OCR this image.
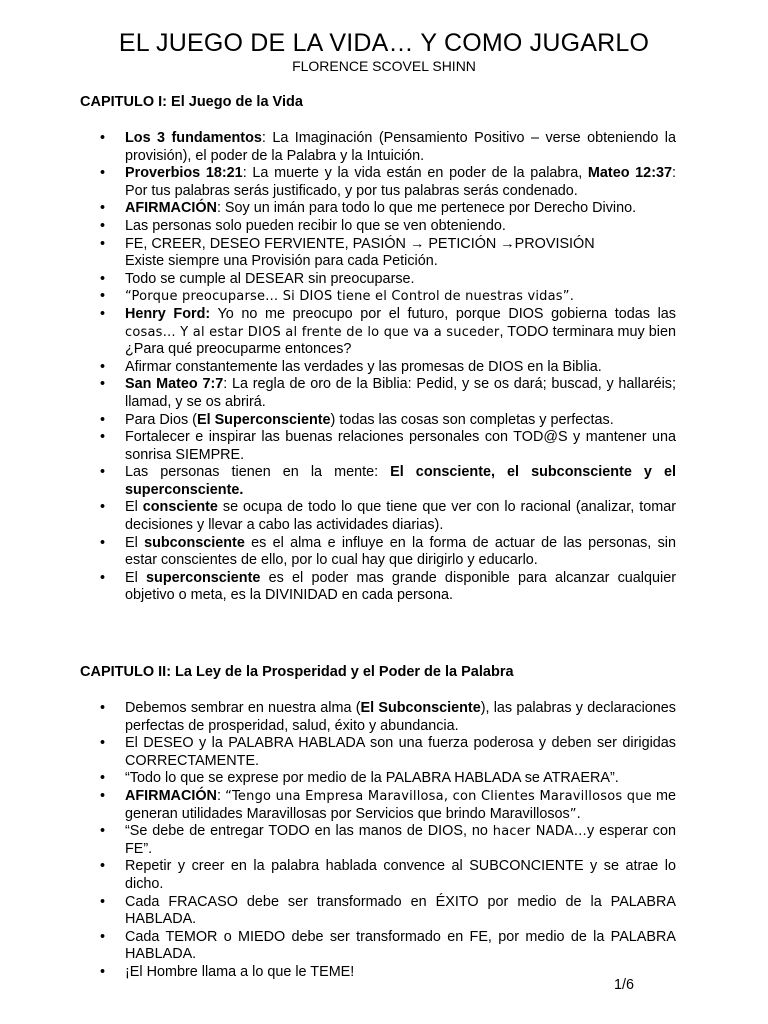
EL JUEGO DE LA VIDA… Y COMO JUGARLO
FLORENCE SCOVEL SHINN
CAPITULO I: El Juego de la Vida
• Los 3 fundamentos: La Imaginación (Pensamiento Positivo – verse obteniendo la provisión), el poder de la Palabra y la Intuición.
• Proverbios 18:21: La muerte y la vida están en poder de la palabra, Mateo 12:37: Por tus palabras serás justificado, y por tus palabras serás condenado.
• AFIRMACIÓN: Soy un imán para todo lo que me pertenece por Derecho Divino.
• Las personas solo pueden recibir lo que se ven obteniendo.
• FE, CREER, DESEO FERVIENTE, PASIÓN → PETICIÓN →PROVISIÓN
Existe siempre una Provisión para cada Petición.
• Todo se cumple al DESEAR sin preocuparse.
• “Porque preocuparse… Si DIOS tiene el Control de nuestras vidas”.
• Henry Ford: Yo no me preocupo por el futuro, porque DIOS gobierna todas las cosas… Y al estar DIOS al frente de lo que va a suceder, TODO terminara muy bien ¿Para qué preocuparme entonces?
• Afirmar constantemente las verdades y las promesas de DIOS en la Biblia.
• San Mateo 7:7: La regla de oro de la Biblia: Pedid, y se os dará; buscad, y hallaréis; llamad, y se os abrirá.
• Para Dios (El Superconsciente) todas las cosas son completas y perfectas.
• Fortalecer e inspirar las buenas relaciones personales con TOD@S y mantener una sonrisa SIEMPRE.
• Las personas tienen en la mente: El consciente, el subconsciente y el superconsciente.
• El consciente se ocupa de todo lo que tiene que ver con lo racional (analizar, tomar decisiones y llevar a cabo las actividades diarias).
• El subconsciente es el alma e influye en la forma de actuar de las personas, sin estar conscientes de ello, por lo cual hay que dirigirlo y educarlo.
• El superconsciente es el poder mas grande disponible para alcanzar cualquier objetivo o meta, es la DIVINIDAD en cada persona.
CAPITULO II: La Ley de la Prosperidad y el Poder de la Palabra
• Debemos sembrar en nuestra alma (El Subconsciente), las palabras y declaraciones perfectas de prosperidad, salud, éxito y abundancia.
• El DESEO y la PALABRA HABLADA son una fuerza poderosa y deben ser dirigidas CORRECTAMENTE.
• “Todo lo que se exprese por medio de la PALABRA HABLADA se ATRAERA”.
• AFIRMACIÓN: “Tengo una Empresa Maravillosa, con Clientes Maravillosos que me generan utilidades Maravillosas por Servicios que brindo Maravillosos”.
• “Se debe de entregar TODO en las manos de DIOS, no hacer NADA…y esperar con FE”.
• Repetir y creer en la palabra hablada convence al SUBCONCIENTE y se atrae lo dicho.
• Cada FRACASO debe ser transformado en ÉXITO por medio de la PALABRA HABLADA.
• Cada TEMOR o MIEDO debe ser transformado en FE, por medio de la PALABRA HABLADA.
• ¡El Hombre llama a lo que le TEME!
1/6
